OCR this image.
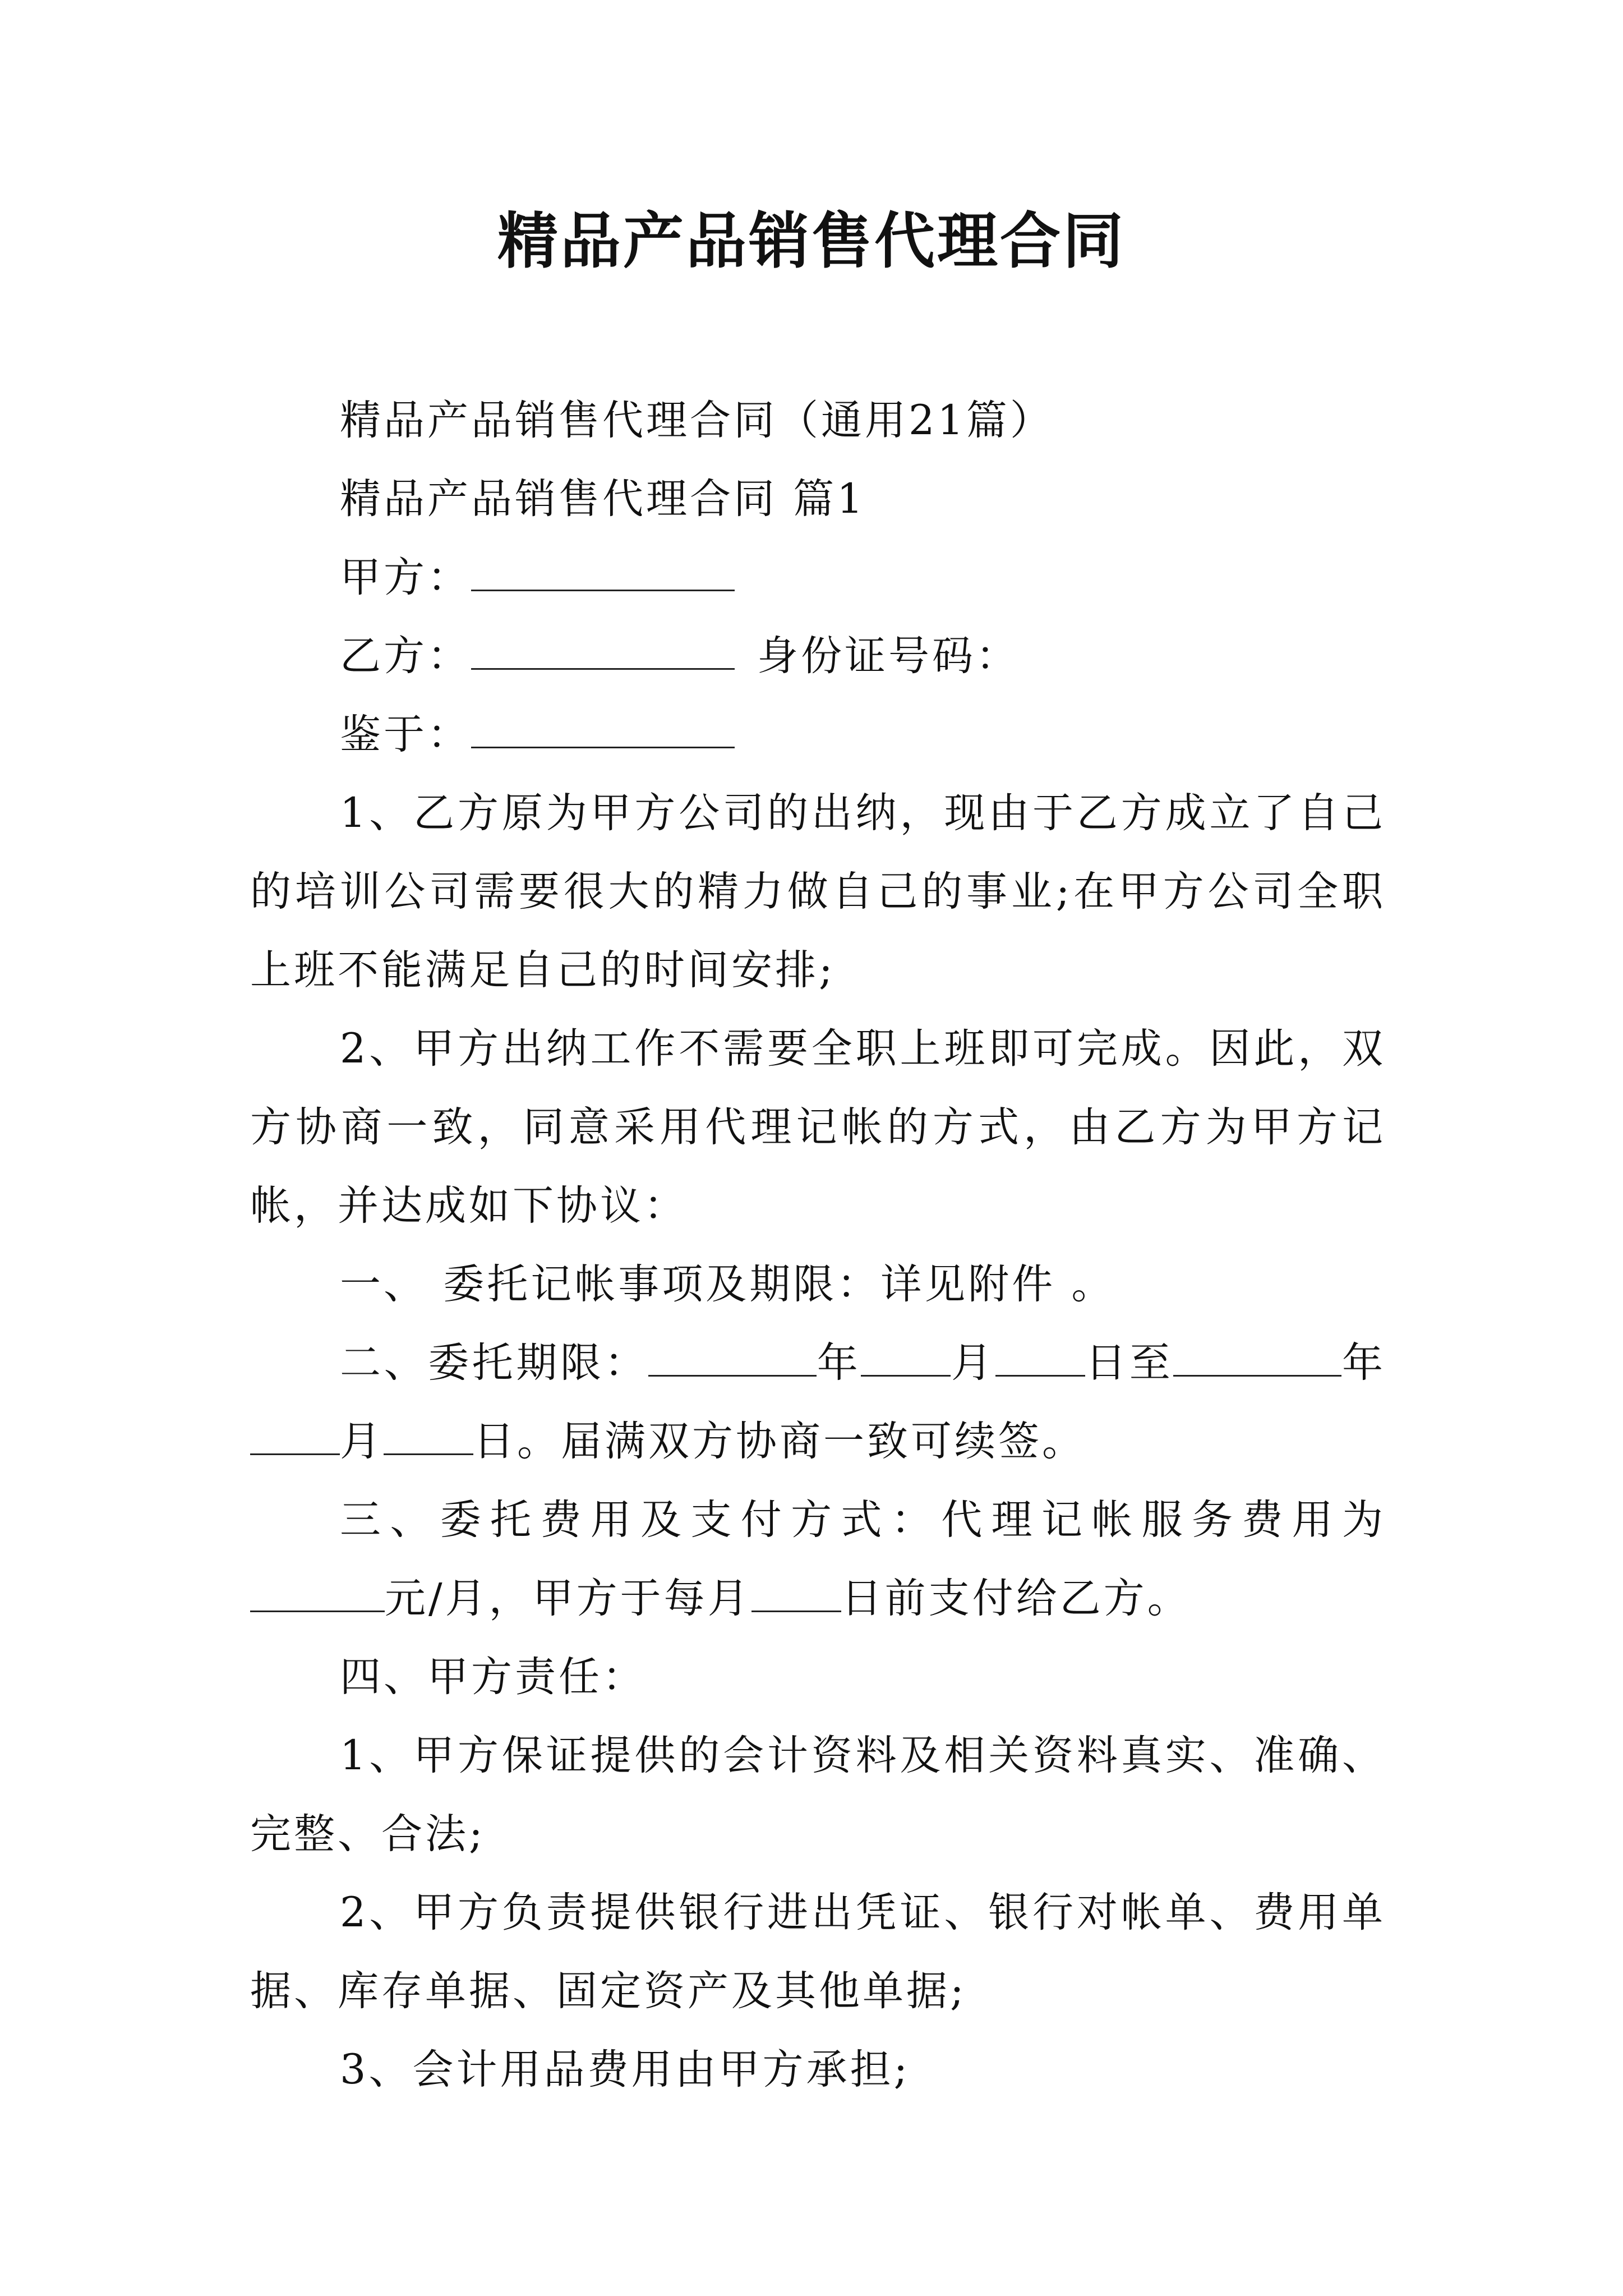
精品产品销售代理合同

精品产品销售代理合同（通用21篇）

精品产品销售代理合同 篇1

甲方：

乙方：	身份证号码：

鉴于：

1、乙方原为甲方公司的出纳，现由于乙方成立了自己的培训公司需要很大的精力做自己的事业;在甲方公司全职上班不能满足自己的时间安排;

2、甲方出纳工作不需要全职上班即可完成。因此，双方协商一致，同意采用代理记帐的方式，由乙方为甲方记帐，并达成如下协议：

一、 委托记帐事项及期限：详见附件 。

二、委托期限：	年 月 日至	年月 日。届满双方协商一致可续签。

三、委托费用及支付方式：代理记帐服务费用为元/月，甲方于每月 日前支付给乙方。

四、甲方责任：

1、甲方保证提供的会计资料及相关资料真实、准确、完整、合法;

2、甲方负责提供银行进出凭证、银行对帐单、费用单据、库存单据、固定资产及其他单据;

3、会计用品费用由甲方承担;
